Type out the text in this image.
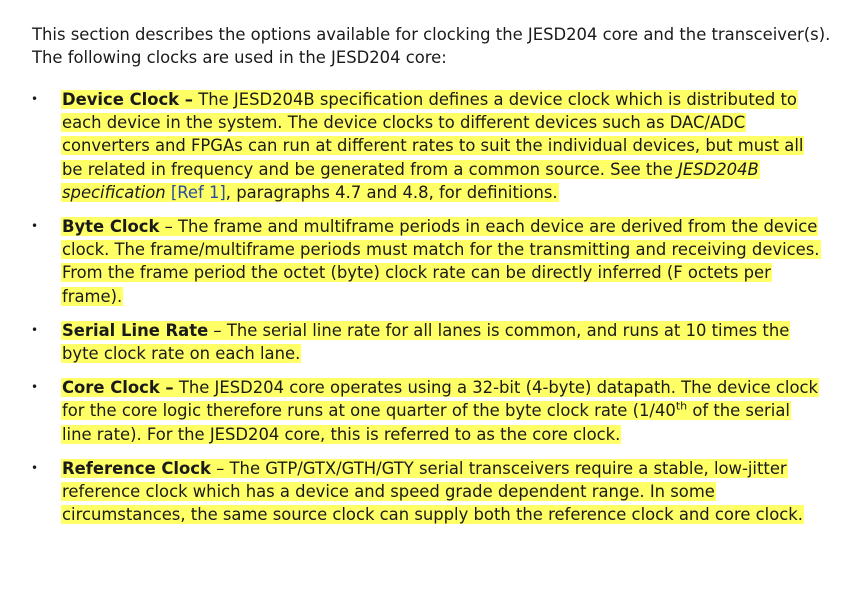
This section describes the options available for clocking the JESD204 core and the transceiver(s). The following clocks are used in the JESD204 core:

• Device Clock – The JESD204B specification defines a device clock which is distributed to each device in the system. The device clocks to different devices such as DAC/ADC converters and FPGAs can run at different rates to suit the individual devices, but must all be related in frequency and be generated from a common source. See the JESD204B specification [Ref 1], paragraphs 4.7 and 4.8, for definitions.
• Byte Clock – The frame and multiframe periods in each device are derived from the device clock. The frame/multiframe periods must match for the transmitting and receiving devices. From the frame period the octet (byte) clock rate can be directly inferred (F octets per frame).
• Serial Line Rate – The serial line rate for all lanes is common, and runs at 10 times the byte clock rate on each lane.
• Core Clock – The JESD204 core operates using a 32-bit (4-byte) datapath. The device clock for the core logic therefore runs at one quarter of the byte clock rate (1/40th of the serial line rate). For the JESD204 core, this is referred to as the core clock.
• Reference Clock – The GTP/GTX/GTH/GTY serial transceivers require a stable, low-jitter reference clock which has a device and speed grade dependent range. In some circumstances, the same source clock can supply both the reference clock and core clock.
